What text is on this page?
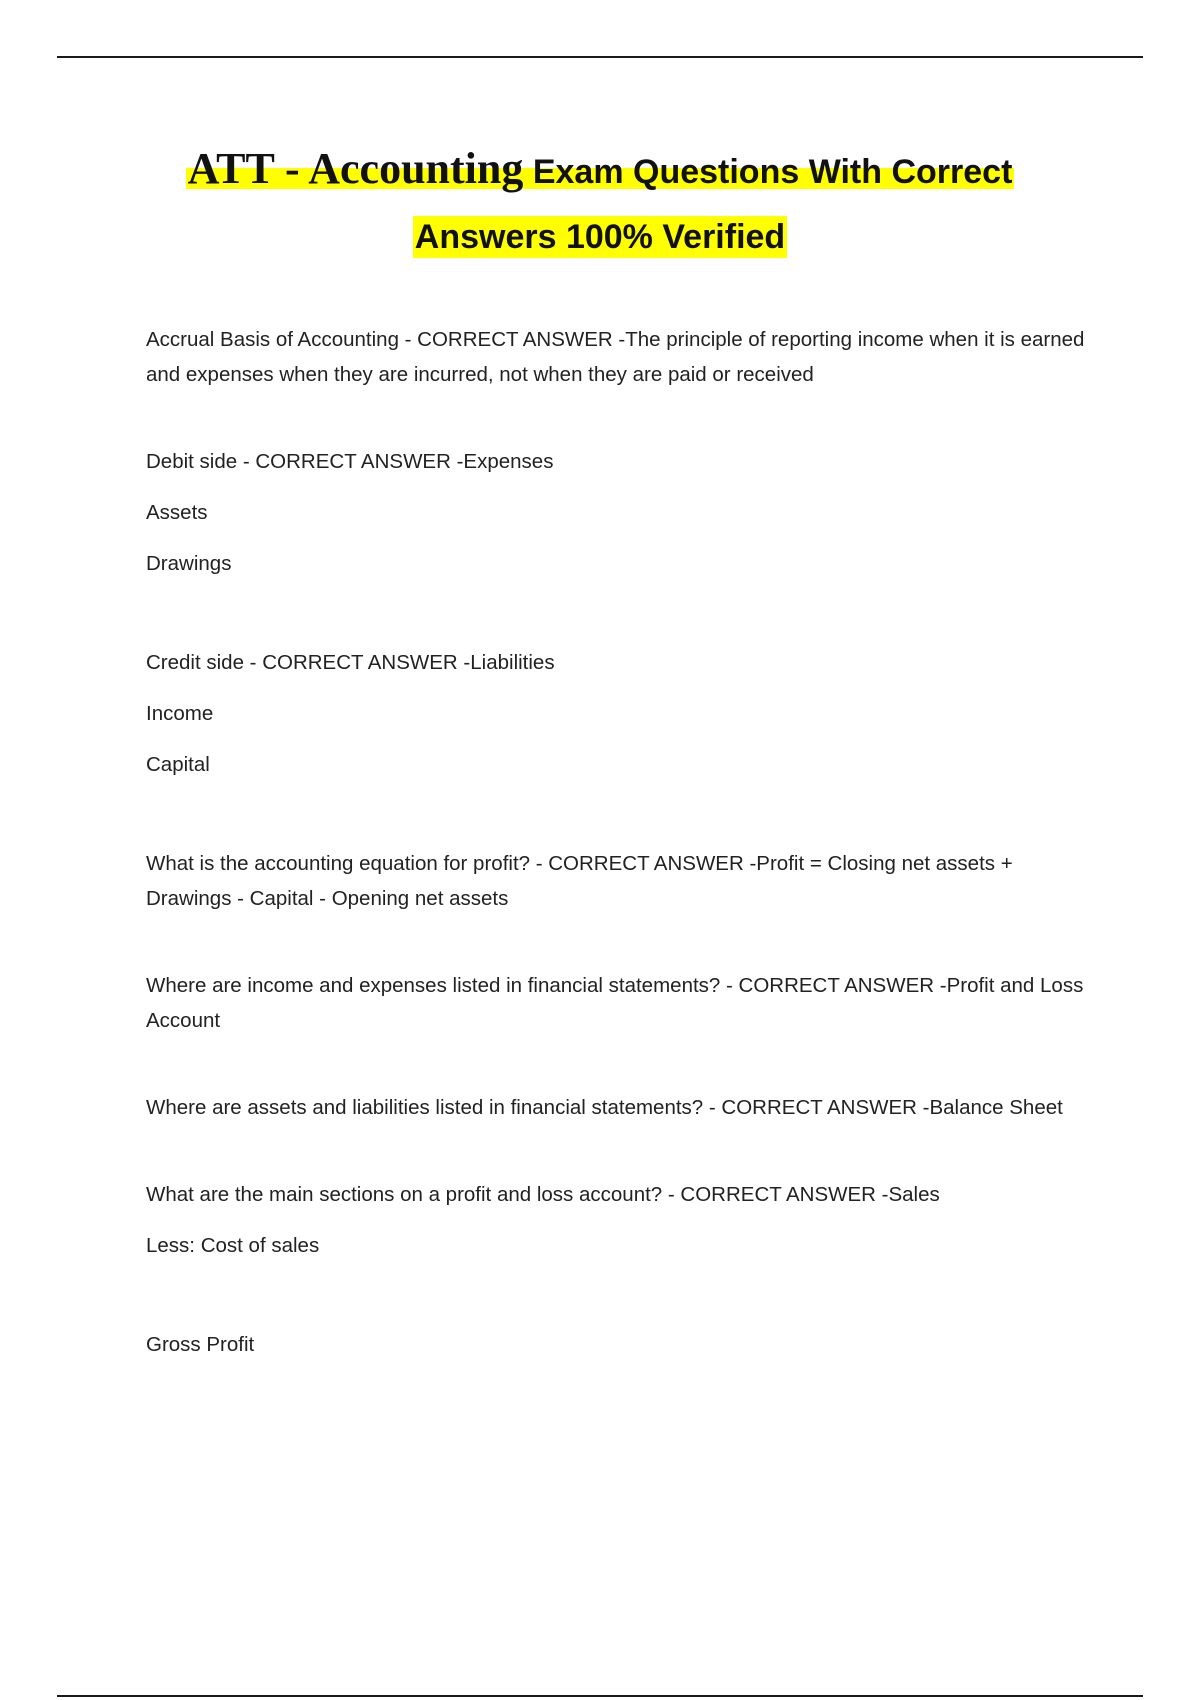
ATT - Accounting Exam Questions With Correct
Answers 100% Verified

Accrual Basis of Accounting - CORRECT ANSWER -The principle of reporting income when it is earned and expenses when they are incurred, not when they are paid or received

Debit side - CORRECT ANSWER -Expenses

Assets

Drawings

Credit side - CORRECT ANSWER -Liabilities

Income

Capital

What is the accounting equation for profit? - CORRECT ANSWER -Profit = Closing net assets + Drawings - Capital - Opening net assets

Where are income and expenses listed in financial statements? - CORRECT ANSWER -Profit and Loss Account

Where are assets and liabilities listed in financial statements? - CORRECT ANSWER -Balance Sheet

What are the main sections on a profit and loss account? - CORRECT ANSWER -Sales

Less: Cost of sales

Gross Profit
